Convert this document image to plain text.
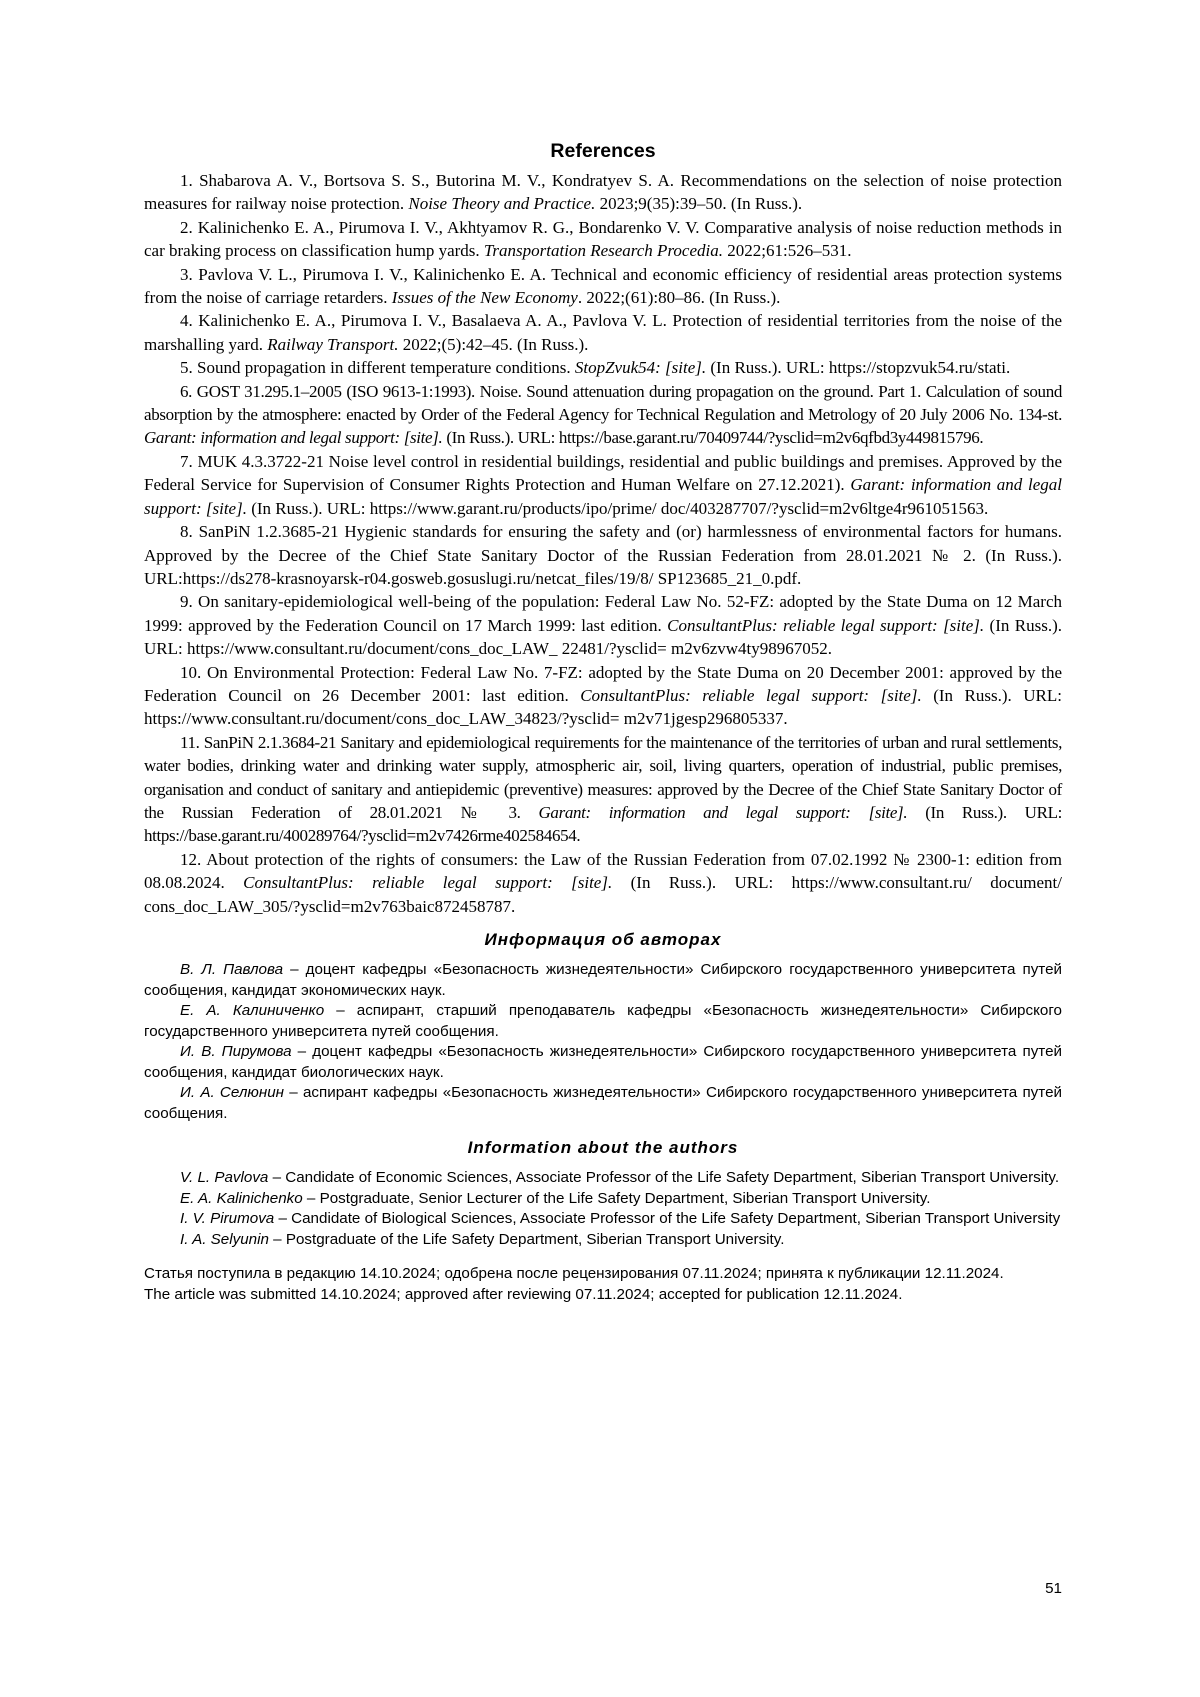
References

1. Shabarova A. V., Bortsova S. S., Butorina M. V., Kondratyev S. A. Recommendations on the selection of noise protection measures for railway noise protection. Noise Theory and Practice. 2023;9(35):39–50. (In Russ.).

2. Kalinichenko E. A., Pirumova I. V., Akhtyamov R. G., Bondarenko V. V. Comparative analysis of noise reduction methods in car braking process on classification hump yards. Transportation Research Procedia. 2022;61:526–531.

3. Pavlova V. L., Pirumova I. V., Kalinichenko E. A. Technical and economic efficiency of residential areas protection systems from the noise of carriage retarders. Issues of the New Economy. 2022;(61):80–86. (In Russ.).

4. Kalinichenko E. A., Pirumova I. V., Basalaeva A. A., Pavlova V. L. Protection of residential territories from the noise of the marshalling yard. Railway Transport. 2022;(5):42–45. (In Russ.).

5. Sound propagation in different temperature conditions. StopZvuk54: [site]. (In Russ.). URL: https://stopzvuk54.ru/stati.

6. GOST 31.295.1–2005 (ISO 9613-1:1993). Noise. Sound attenuation during propagation on the ground. Part 1. Calculation of sound absorption by the atmosphere: enacted by Order of the Federal Agency for Technical Regulation and Metrology of 20 July 2006 No. 134-st. Garant: information and legal support: [site]. (In Russ.). URL: https://base.garant.ru/70409744/?ysclid=m2v6qfbd3y449815796.

7. MUK 4.3.3722-21 Noise level control in residential buildings, residential and public buildings and premises. Approved by the Federal Service for Supervision of Consumer Rights Protection and Human Welfare on 27.12.2021). Garant: information and legal support: [site]. (In Russ.). URL: https://www.garant.ru/products/ipo/prime/ doc/403287707/?ysclid=m2v6ltge4r961051563.

8. SanPiN 1.2.3685-21 Hygienic standards for ensuring the safety and (or) harmlessness of environmental factors for humans. Approved by the Decree of the Chief State Sanitary Doctor of the Russian Federation from 28.01.2021 № 2. (In Russ.). URL:https://ds278-krasnoyarsk-r04.gosweb.gosuslugi.ru/netcat_files/19/8/ SP123685_21_0.pdf.

9. On sanitary-epidemiological well-being of the population: Federal Law No. 52-FZ: adopted by the State Duma on 12 March 1999: approved by the Federation Council on 17 March 1999: last edition. ConsultantPlus: reliable legal support: [site]. (In Russ.). URL: https://www.consultant.ru/document/cons_doc_LAW_ 22481/?ysclid= m2v6zvw4ty98967052.

10. On Environmental Protection: Federal Law No. 7-FZ: adopted by the State Duma on 20 December 2001: approved by the Federation Council on 26 December 2001: last edition. ConsultantPlus: reliable legal support: [site]. (In Russ.). URL: https://www.consultant.ru/document/cons_doc_LAW_34823/?ysclid= m2v71jgesp296805337.

11. SanPiN 2.1.3684-21 Sanitary and epidemiological requirements for the maintenance of the territories of urban and rural settlements, water bodies, drinking water and drinking water supply, atmospheric air, soil, living quarters, operation of industrial, public premises, organisation and conduct of sanitary and antiepidemic (preventive) measures: approved by the Decree of the Chief State Sanitary Doctor of the Russian Federation of 28.01.2021 № 3. Garant: information and legal support: [site]. (In Russ.). URL: https://base.garant.ru/400289764/?ysclid=m2v7426rme402584654.

12. About protection of the rights of consumers: the Law of the Russian Federation from 07.02.1992 № 2300-1: edition from 08.08.2024. ConsultantPlus: reliable legal support: [site]. (In Russ.). URL: https://www.consultant.ru/ document/ cons_doc_LAW_305/?ysclid=m2v763baic872458787.

Информация об авторах

В. Л. Павлова – доцент кафедры «Безопасность жизнедеятельности» Сибирского государственного университета путей сообщения, кандидат экономических наук.

Е. А. Калиниченко – аспирант, старший преподаватель кафедры «Безопасность жизнедеятельности» Сибирского государственного университета путей сообщения.

И. В. Пирумова – доцент кафедры «Безопасность жизнедеятельности» Сибирского государственного университета путей сообщения, кандидат биологических наук.

И. А. Селюнин – аспирант кафедры «Безопасность жизнедеятельности» Сибирского государственного университета путей сообщения.

Information about the authors

V. L. Pavlova – Candidate of Economic Sciences, Associate Professor of the Life Safety Department, Siberian Transport University.

E. A. Kalinichenko – Postgraduate, Senior Lecturer of the Life Safety Department, Siberian Transport University.

I. V. Pirumova – Candidate of Biological Sciences, Associate Professor of the Life Safety Department, Siberian Transport University

I. A. Selyunin – Postgraduate of the Life Safety Department, Siberian Transport University.

Статья поступила в редакцию 14.10.2024; одобрена после рецензирования 07.11.2024; принята к публикации 12.11.2024.

The article was submitted 14.10.2024; approved after reviewing 07.11.2024; accepted for publication 12.11.2024.

51
